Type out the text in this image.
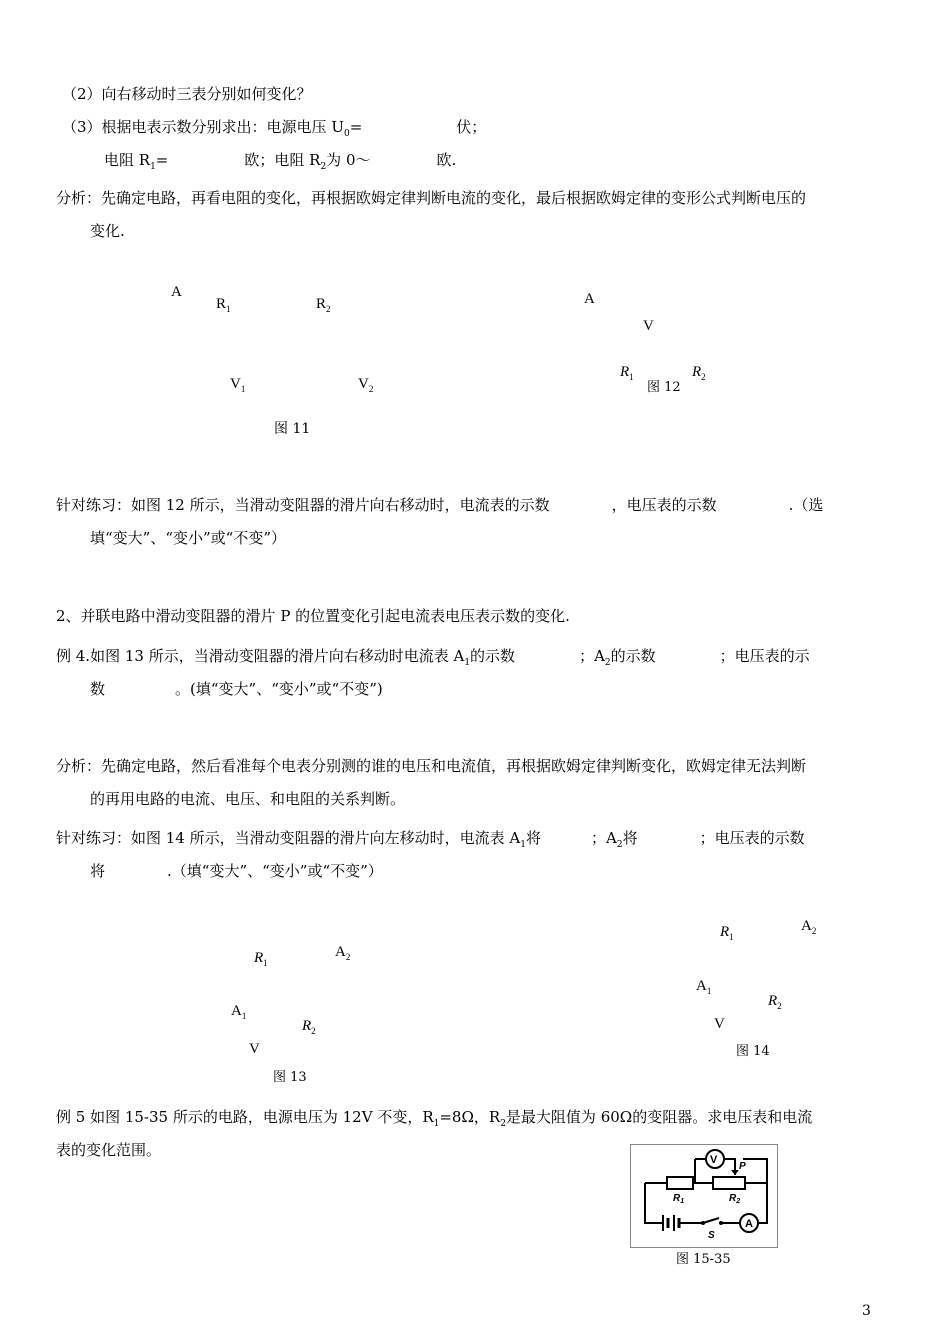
（2）向右移动时三表分别如何变化？
（3）根据电表示数分别求出：电源电压 $U_0=$	伏；
电阻 $R_1=$	欧；电阻 $R_2$为 0～	欧.
分析：先确定电路，再看电阻的变化，再根据欧姆定律判断电流的变化，最后根据欧姆定律的变形公式判断电压的
变化.
A
$R_1$	$R_2$
$V_1$	$V_2$
图 11
A
V
$R_1$
图 12
$R_2$
针对练习：如图 12 所示，当滑动变阻器的滑片向右移动时，电流表的示数	，电压表的示数	.（选
填“变大”、“变小”或“不变”）
2、并联电路中滑动变阻器的滑片 P 的位置变化引起电流表电压表示数的变化.
例 4.如图 13 所示，当滑动变阻器的滑片向右移动时电流表 $A_1$的示数	；$A_2$的示数	；电压表的示
数	。(填“变大”、“变小”或“不变”)
分析：先确定电路，然后看准每个电表分别测的谁的电压和电流值，再根据欧姆定律判断变化，欧姆定律无法判断
的再用电路的电流、电压、和电阻的关系判断。
针对练习：如图 14 所示，当滑动变阻器的滑片向左移动时，电流表 $A_1$将	；$A_2$将	；电压表的示数
将	.（填“变大”、“变小”或“不变”）
$R_1$
$A_2$
$A_1$
$R_2$
V
图 13
$R_1$
$A_2$
$A_1$
$R_2$
V
图 14
例 5 如图 15-35 所示的电路，电源电压为 12V 不变，$R_1=8\Omega$，$R_2$是最大阻值为 60Ω的变阻器。求电压表和电流
表的变化范围。
V
P
$R_1$	$R_2$
S
A
图 15-35
3
